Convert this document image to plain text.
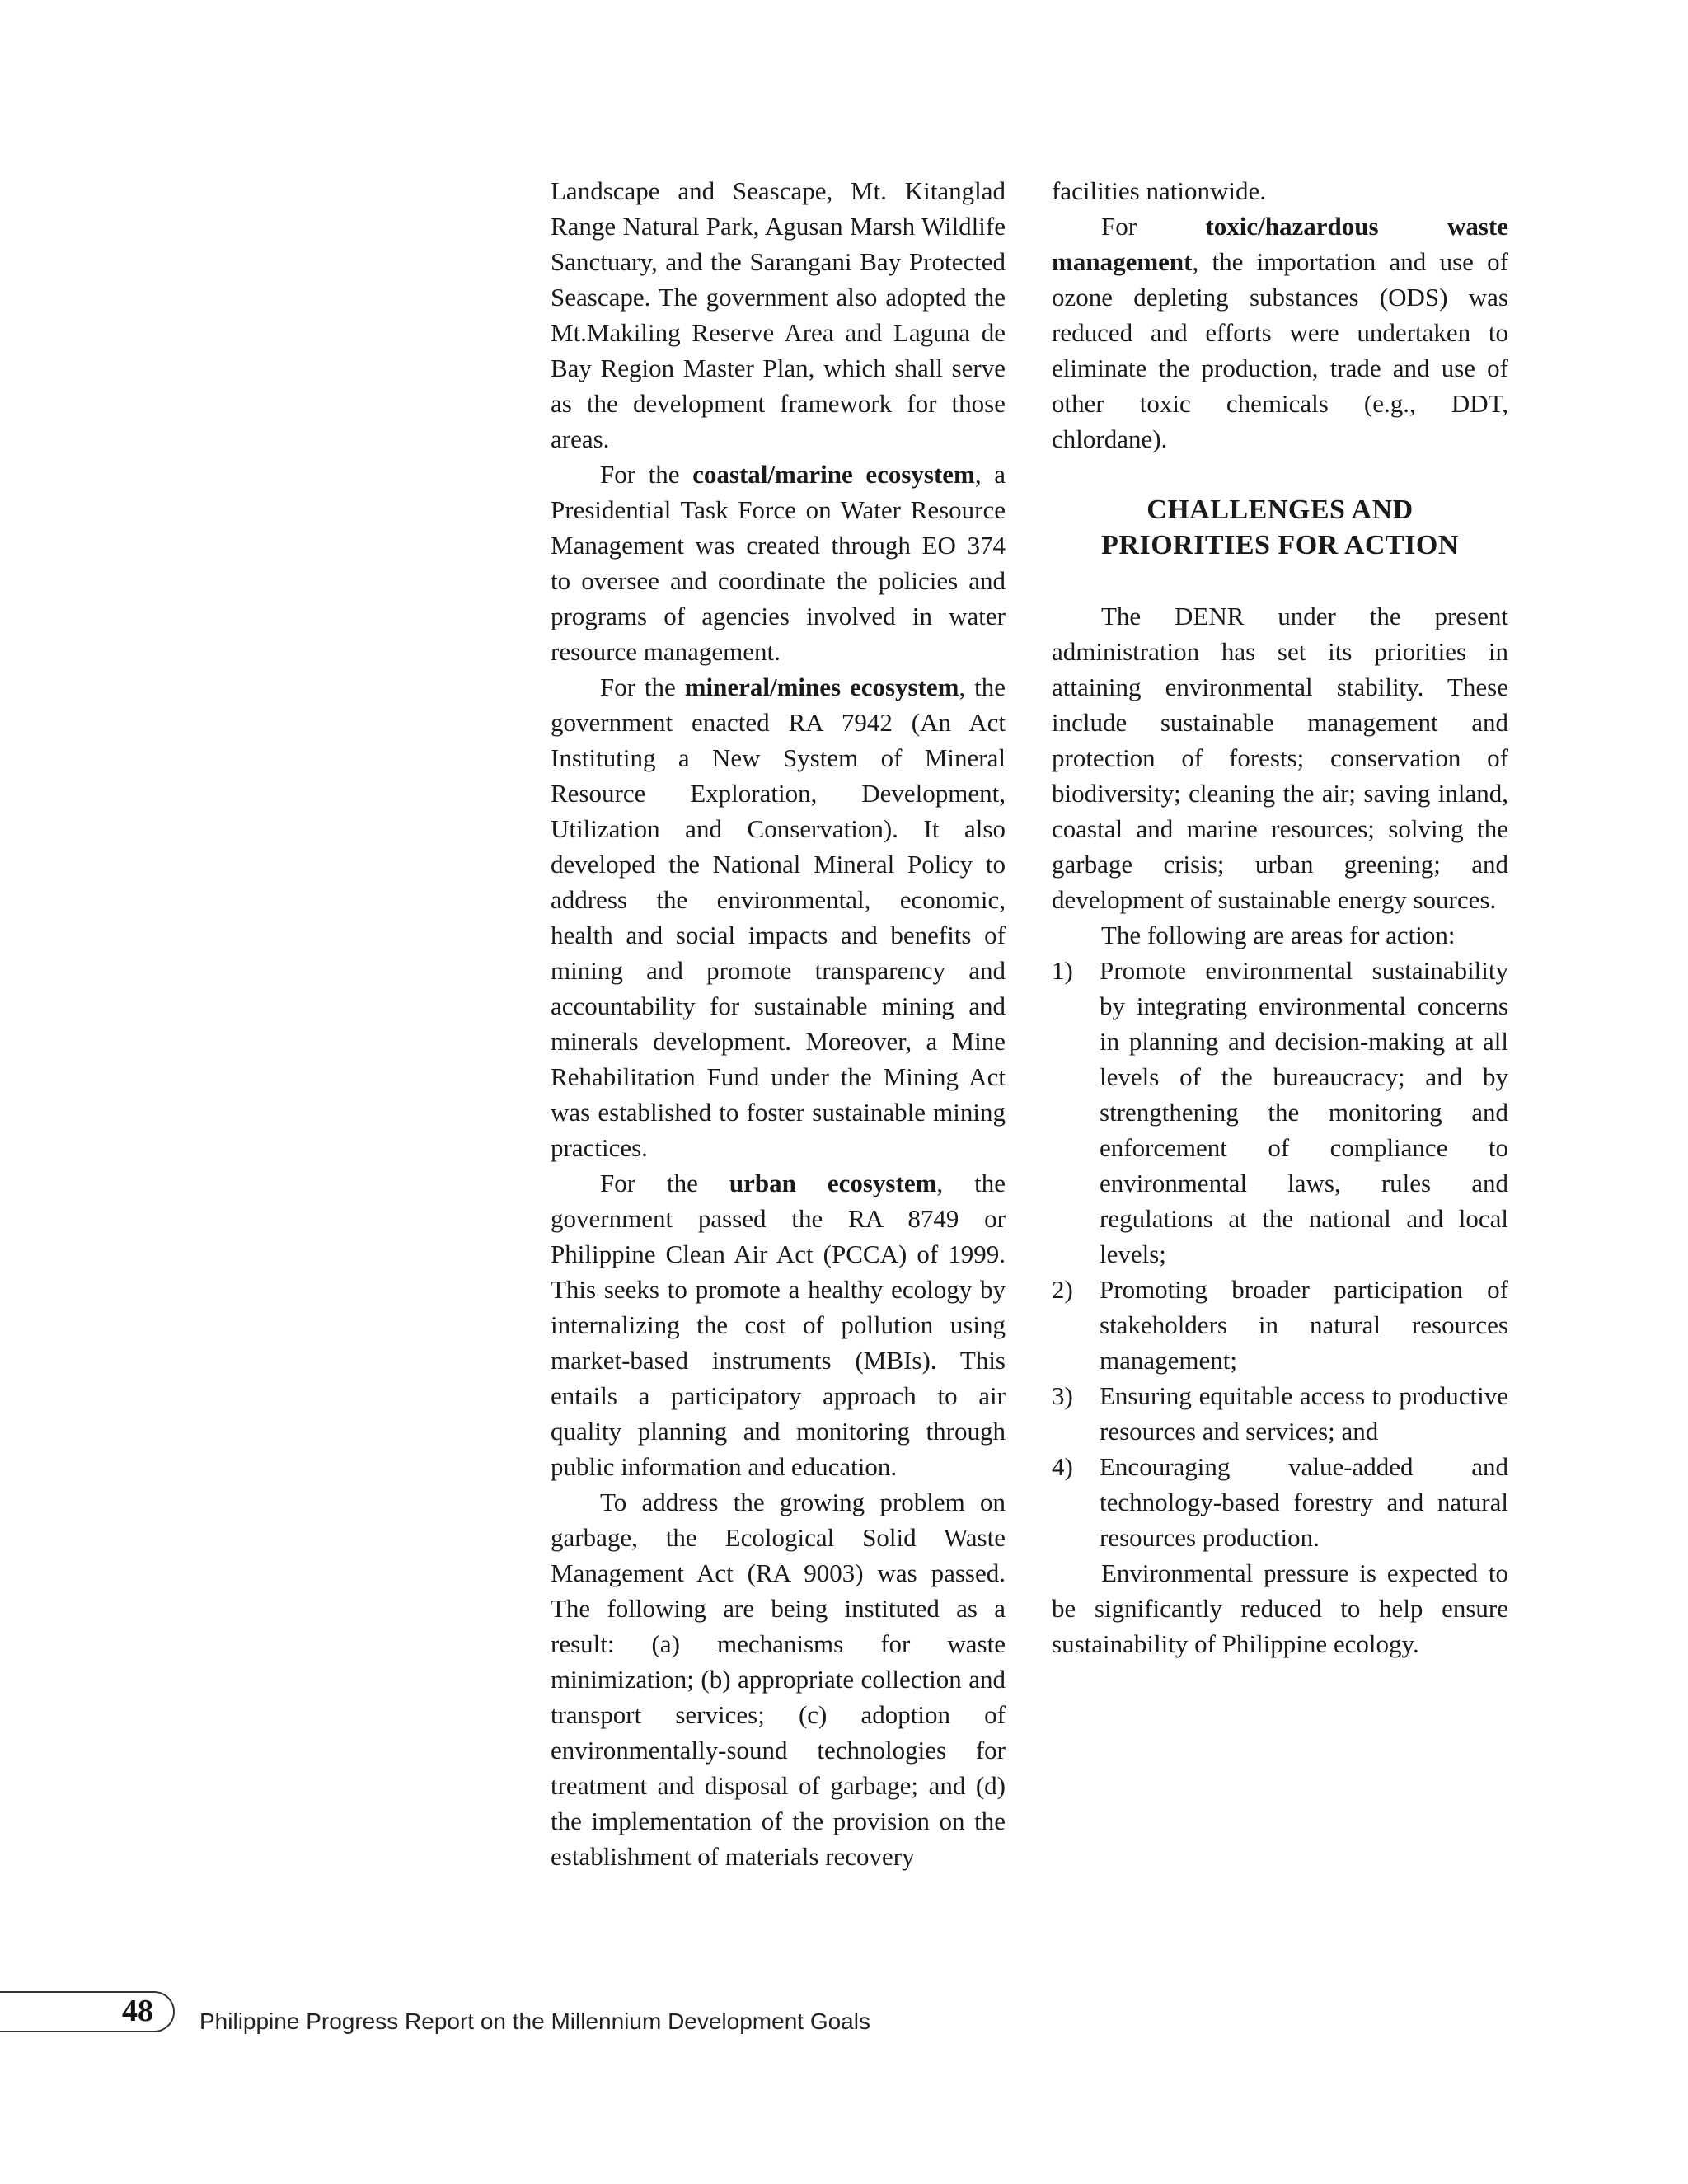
Landscape and Seascape, Mt. Kitanglad Range Natural Park, Agusan Marsh Wildlife Sanctuary, and the Sarangani Bay Protected Seascape. The government also adopted the Mt.Makiling Reserve Area and Laguna de Bay Region Master Plan, which shall serve as the development framework for those areas.

For the coastal/marine ecosystem, a Presidential Task Force on Water Resource Management was created through EO 374 to oversee and coordinate the policies and programs of agencies involved in water resource management.

For the mineral/mines ecosystem, the government enacted RA 7942 (An Act Instituting a New System of Mineral Resource Exploration, Development, Utilization and Conservation). It also developed the National Mineral Policy to address the environmental, economic, health and social impacts and benefits of mining and promote transparency and accountability for sustainable mining and minerals development. Moreover, a Mine Rehabilitation Fund under the Mining Act was established to foster sustainable mining practices.

For the urban ecosystem, the government passed the RA 8749 or Philippine Clean Air Act (PCCA) of 1999. This seeks to promote a healthy ecology by internalizing the cost of pollution using market-based instruments (MBIs). This entails a participatory approach to air quality planning and monitoring through public information and education.

To address the growing problem on garbage, the Ecological Solid Waste Management Act (RA 9003) was passed. The following are being instituted as a result: (a) mechanisms for waste minimization; (b) appropriate collection and transport services; (c) adoption of environmentally-sound technologies for treatment and disposal of garbage; and (d) the implementation of the provision on the establishment of materials recovery

facilities nationwide.

For toxic/hazardous waste management, the importation and use of ozone depleting substances (ODS) was reduced and efforts were undertaken to eliminate the production, trade and use of other toxic chemicals (e.g., DDT, chlordane).

CHALLENGES AND
PRIORITIES FOR ACTION

The DENR under the present administration has set its priorities in attaining environmental stability. These include sustainable management and protection of forests; conservation of biodiversity; cleaning the air; saving inland, coastal and marine resources; solving the garbage crisis; urban greening; and development of sustainable energy sources.

The following are areas for action:

1)	Promote environmental sustainability by integrating environmental concerns in planning and decision-making at all levels of the bureaucracy; and by strengthening the monitoring and enforcement of compliance to environmental laws, rules and regulations at the national and local levels;
2)	Promoting broader participation of stakeholders in natural resources management;
3)	Ensuring equitable access to productive resources and services; and
4)	Encouraging value-added and technology-based forestry and natural resources production.

Environmental pressure is expected to be significantly reduced to help ensure sustainability of Philippine ecology.

48 Philippine Progress Report on the Millennium Development Goals
